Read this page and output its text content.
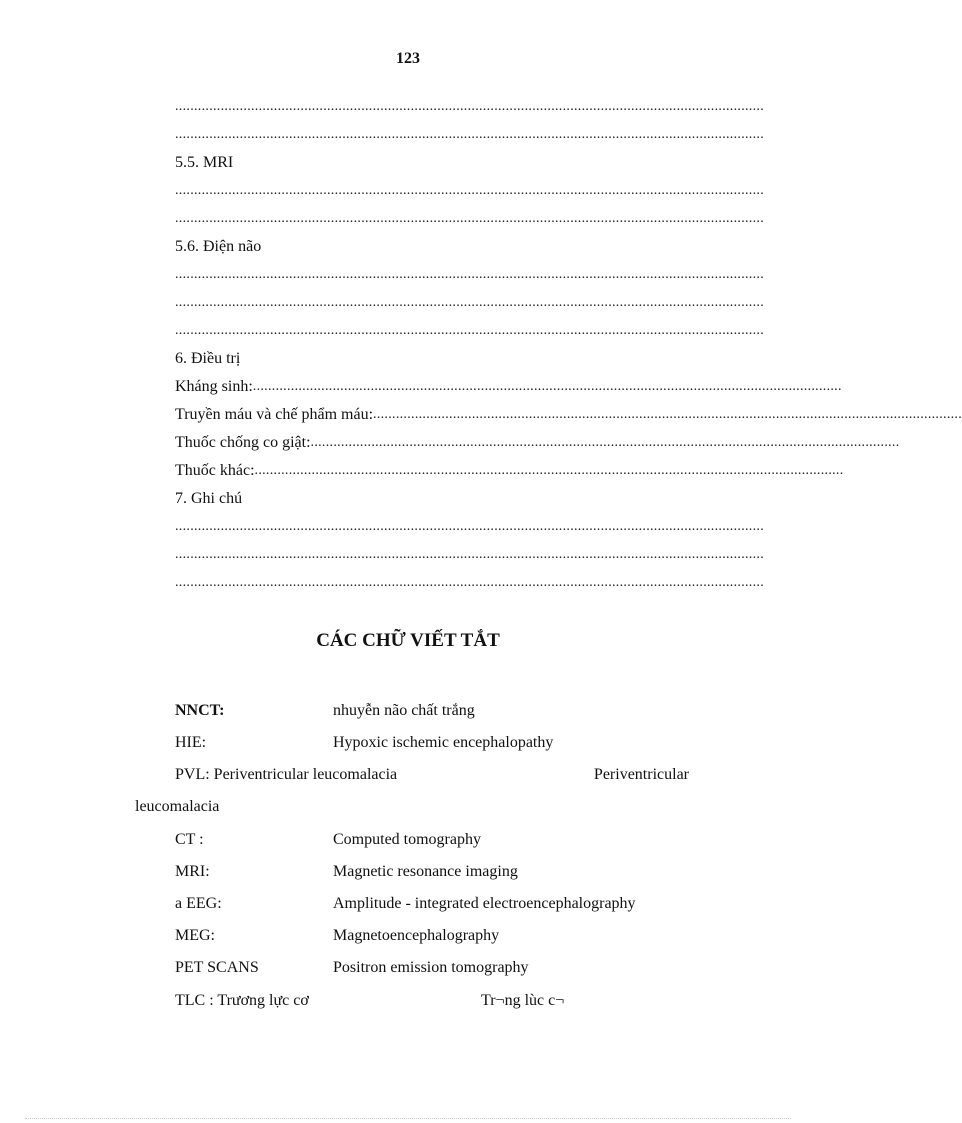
123
...........................................................................................................................................................
...........................................................................................................................................................
5.5. MRI
...........................................................................................................................................................
...........................................................................................................................................................
5.6. Điện não
...........................................................................................................................................................
...........................................................................................................................................................
...........................................................................................................................................................
6. Điều trị
Kháng sinh: ...........................................................................................................................................................
Truyền máu và chế phẩm máu: ...........................................................................................................................................................
Thuốc chống co giật: ...........................................................................................................................................................
Thuốc khác: ...........................................................................................................................................................
7. Ghi chú
...........................................................................................................................................................
...........................................................................................................................................................
...........................................................................................................................................................
CÁC CHỮ VIẾT TẮT
NNCT:	nhuyễn não chất trắng
HIE:	Hypoxic ischemic encephalopathy
PVL: Periventricular leucomalacia	Periventricular
leucomalacia
CT :	Computed tomography
MRI:	Magnetic resonance imaging
a EEG:	Amplitude - integrated electroencephalography
MEG:	Magnetoencephalography
PET SCANS	Positron emission tomography
TLC : Trương lực cơ	Tr¬ng lùc c¬
